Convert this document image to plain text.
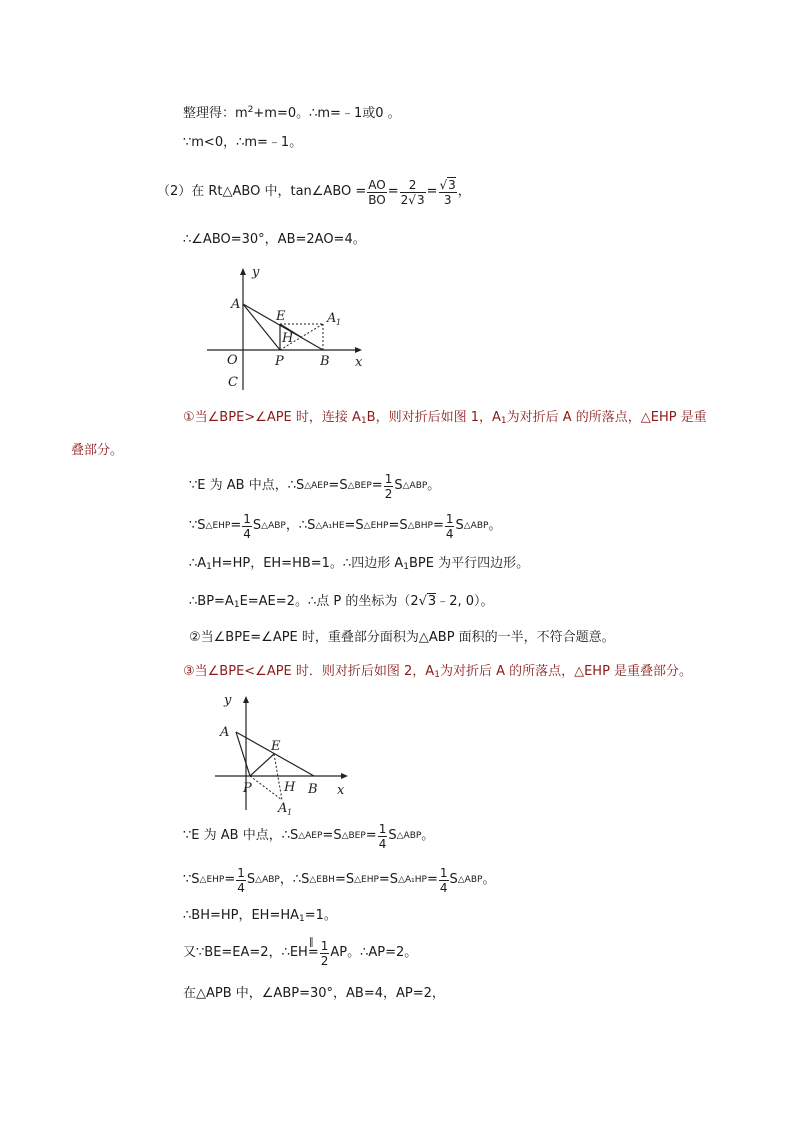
整理得：$m^2+m=0$。∴m=﹣1或0 。
∵m<0，∴m=﹣1。
（2）在 Rt△ABO 中，tan∠ABO = $\frac{AO}{BO} = \frac{2}{2√3} = \frac{√3}{3}$ ，
∴∠ABO=30°，AB=2AO=4。
y
A
E	A 1
H
O	P	B x
C
①当∠BPE>∠APE 时，连接 $A_1B$，则对折后如图 1，$A_1$为对折后 A 的所落点，△EHP 是重
叠部分。
∵E 为 AB 中点，∴S △AEP =S △BEP = $\frac{1}{2}$ S △ABP 。
∵S △EHP = $\frac{1}{4}$ S △ABP ，∴S △A₁HE =S △EHP =S △BHP = $\frac{1}{4}$ S △ABP 。
$\therefore A_1H=HP$，EH=HB=1。∴四边形 $A_1BPE$ 为平行四边形。
$\therefore BP=A_1E=AE=2$。∴点 P 的坐标为（2√3﹣2, 0）。
②当∠BPE=∠APE 时，重叠部分面积为△ABP 面积的一半，不符合题意。
③当∠BPE<∠APE 时．则对折后如图 2，$A_1$为对折后 A 的所落点，△EHP 是重叠部分。
y
A
E
P H B x
A 1
∵E 为 AB 中点，∴S △AEP =S △BEP = $\frac{1}{4}$ S △ABP 。
∵S △EHP = $\frac{1}{4}$ S △ABP ，∴S △EBH =S △EHP =S △A₁HP = $\frac{1}{4}$ S △ABP 。
∴BH=HP，$EH=HA_1=1$。
又∵BE=EA=2，∴EH
∥
= $\frac{1}{2}$ AP。∴AP=2。
在△APB 中，∠ABP=30°，AB=4，AP=2，
